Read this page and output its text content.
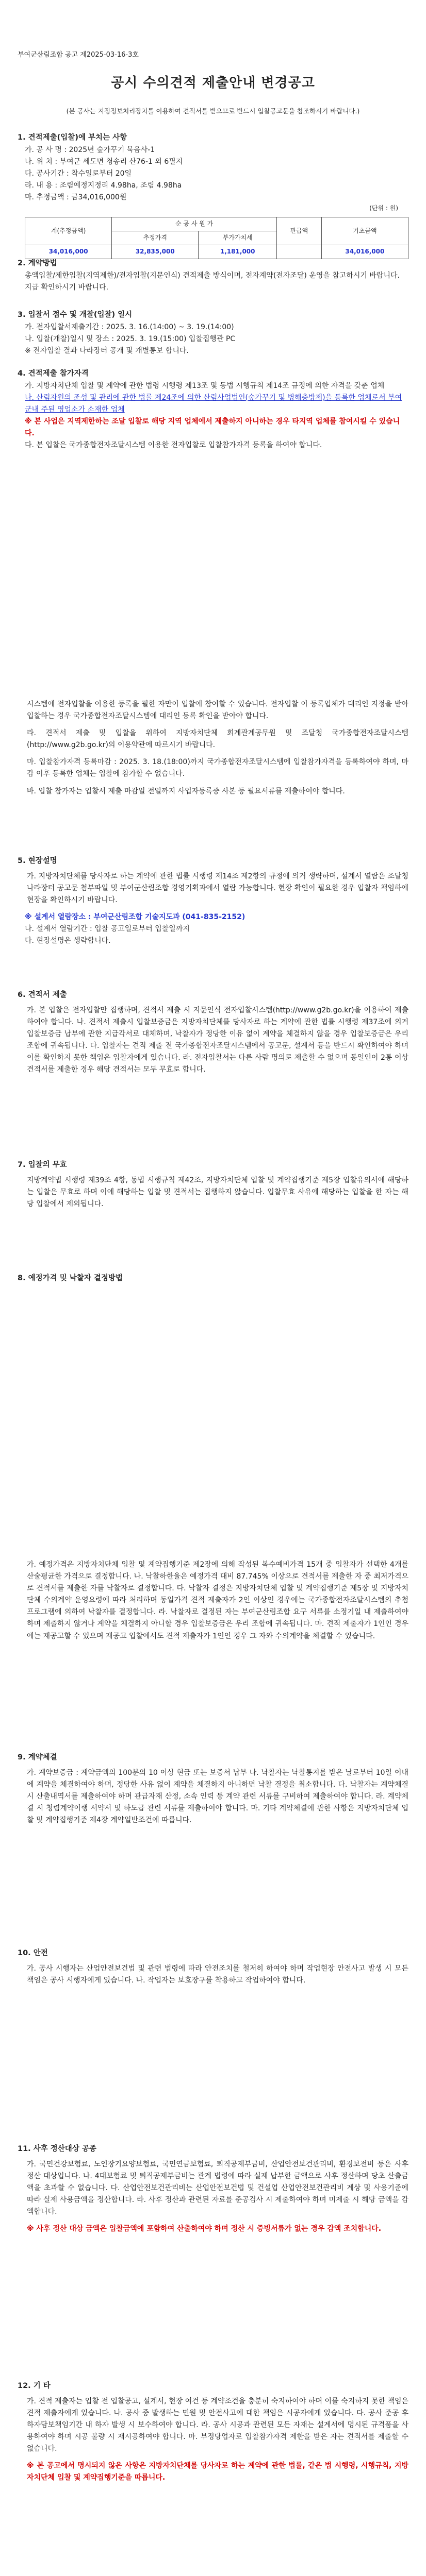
부여군산림조합 공고 제2025-03-16-3호
공시 수의견적 제출안내 변경공고
(본 공사는 지정정보처리장치를 이용하여 견적서를 받으므로 반드시 입찰공고문을 참조하시기 바랍니다.)

1. 견적제출(입찰)에 부치는 사항

가. 공 사 명 : 2025년 숲가꾸기 묵음사-1
나. 위 치 : 부여군 세도면 청송리 산76-1 외 6필지
다. 공사기간 : 착수일로부터 20일
라. 내 용 : 조림예정지정리 4.98ha, 조림 4.98ha
마. 추정금액 : 금34,016,000원
(단위 : 원)
계(추정금액)	순 공 사 원 가		관급액	기초금액
	추정가격	부가가치세		
34,016,000	32,835,000	1,181,000		34,016,000

2. 계약방법

총액입찰/제한입찰(지역제한)/전자입찰(지문인식) 견적제출 방식이며, 전자계약(전자조달) 운영을 참고하시기 바랍니다.
지급 확인하시기 바랍니다.

3. 입찰서 접수 및 개찰(입찰) 일시

가. 전자입찰서제출기간 : 2025. 3. 16.(14:00) ~ 3. 19.(14:00)
나. 입찰(개찰)일시 및 장소 : 2025. 3. 19.(15:00) 입찰집행관 PC
※ 전자입찰 결과 나라장터 공개 및 개별통보 합니다.

4. 견적제출 참가자격

가. 지방자치단체 입찰 및 계약에 관한 법령 시행령 제13조 및 동법 시행규칙 제14조 규정에 의한 자격을 갖춘 업체
나. 산림자원의 조성 및 관리에 관한 법률 제24조에 의한 산림사업법인(숲가꾸기 및 병해충방제)을 등록한 업체로서 부여군내 주된 영업소가 소재한 업체
※ 본 사업은 지역제한하는 조달 입찰로 해당 지역 업체에서 제출하지 아니하는 경우 타지역 업체를 참여시킬 수 있습니다.
다. 본 입찰은 국가종합전자조달시스템 이용한 전자입찰로 입찰참가자격 등록을 하여야 합니다.

시스템에 전자입찰을 이용한 등록을 필한 자만이 입찰에 참여할 수 있습니다. 전자입찰 이 등록업체가 대리인 지정을 받아 입찰하는 경우 국가종합전자조달시스템에 대리인 등록 확인을 받아야 합니다.

라. 견적서 제출 및 입찰을 위하여 지방자치단체 회계관계공무원 및 조달청 국가종합전자조달시스템(http://www.g2b.go.kr)의 이용약관에 따르시기 바랍니다.

마. 입찰참가자격 등록마감 : 2025. 3. 18.(18:00)까지 국가종합전자조달시스템에 입찰참가자격을 등록하여야 하며, 마감 이후 등록한 업체는 입찰에 참가할 수 없습니다.

바. 입찰 참가자는 입찰서 제출 마감일 전일까지 사업자등록증 사본 등 필요서류를 제출하여야 합니다.

5. 현장설명

가. 지방자치단체를 당사자로 하는 계약에 관한 법률 시행령 제14조 제2항의 규정에 의거 생략하며, 설계서 열람은 조달청 나라장터 공고문 첨부파일 및 부여군산림조합 경영기획과에서 열람 가능합니다. 현장 확인이 필요한 경우 입찰자 책임하에 현장을 확인하시기 바랍니다.

※ 설계서 열람장소 : 부여군산림조합 기술지도과 (041-835-2152)
나. 설계서 열람기간 : 입찰 공고일로부터 입찰일까지
다. 현장설명은 생략합니다.

6. 견적서 제출

가. 본 입찰은 전자입찰만 집행하며, 견적서 제출 시 지문인식 전자입찰시스템(http://www.g2b.go.kr)을 이용하여 제출하여야 합니다. 나. 견적서 제출시 입찰보증금은 지방자치단체를 당사자로 하는 계약에 관한 법률 시행령 제37조에 의거 입찰보증금 납부에 관한 지급각서로 대체하며, 낙찰자가 정당한 이유 없이 계약을 체결하지 않을 경우 입찰보증금은 우리 조합에 귀속됩니다. 다. 입찰자는 견적 제출 전 국가종합전자조달시스템에서 공고문, 설계서 등을 반드시 확인하여야 하며 이를 확인하지 못한 책임은 입찰자에게 있습니다. 라. 전자입찰서는 다른 사람 명의로 제출할 수 없으며 동일인이 2통 이상 견적서를 제출한 경우 해당 견적서는 모두 무효로 합니다.

7. 입찰의 무효

지방계약법 시행령 제39조 4항, 동법 시행규칙 제42조, 지방자치단체 입찰 및 계약집행기준 제5장 입찰유의서에 해당하는 입찰은 무효로 하며 이에 해당하는 입찰 및 견적서는 집행하지 않습니다. 입찰무효 사유에 해당하는 입찰을 한 자는 해당 입찰에서 제외됩니다.

8. 예정가격 및 낙찰자 결정방법

가. 예정가격은 지방자치단체 입찰 및 계약집행기준 제2장에 의해 작성된 복수예비가격 15개 중 입찰자가 선택한 4개를 산술평균한 가격으로 결정합니다. 나. 낙찰하한율은 예정가격 대비 87.745% 이상으로 견적서를 제출한 자 중 최저가격으로 견적서를 제출한 자를 낙찰자로 결정합니다. 다. 낙찰자 결정은 지방자치단체 입찰 및 계약집행기준 제5장 및 지방자치단체 수의계약 운영요령에 따라 처리하며 동일가격 견적 제출자가 2인 이상인 경우에는 국가종합전자조달시스템의 추첨 프로그램에 의하여 낙찰자를 결정합니다. 라. 낙찰자로 결정된 자는 부여군산림조합 요구 서류를 소정기일 내 제출하여야 하며 제출하지 않거나 계약을 체결하지 아니할 경우 입찰보증금은 우리 조합에 귀속됩니다. 마. 견적 제출자가 1인인 경우에는 재공고할 수 있으며 재공고 입찰에서도 견적 제출자가 1인인 경우 그 자와 수의계약을 체결할 수 있습니다.

9. 계약체결

가. 계약보증금 : 계약금액의 100분의 10 이상 현금 또는 보증서 납부 나. 낙찰자는 낙찰통지를 받은 날로부터 10일 이내에 계약을 체결하여야 하며, 정당한 사유 없이 계약을 체결하지 아니하면 낙찰 결정을 취소합니다. 다. 낙찰자는 계약체결 시 산출내역서를 제출하여야 하며 관급자재 산정, 소속 인력 등 계약 관련 서류를 구비하여 제출하여야 합니다. 라. 계약체결 시 청렴계약이행 서약서 및 하도급 관련 서류를 제출하여야 합니다. 마. 기타 계약체결에 관한 사항은 지방자치단체 입찰 및 계약집행기준 제4장 계약일반조건에 따릅니다.

10. 안전

가. 공사 시행자는 산업안전보건법 및 관련 법령에 따라 안전조치를 철저히 하여야 하며 작업현장 안전사고 발생 시 모든 책임은 공사 시행자에게 있습니다. 나. 작업자는 보호장구를 착용하고 작업하여야 합니다.

11. 사후 정산대상 공종

가. 국민건강보험료, 노인장기요양보험료, 국민연금보험료, 퇴직공제부금비, 산업안전보건관리비, 환경보전비 등은 사후 정산 대상입니다. 나. 4대보험료 및 퇴직공제부금비는 관계 법령에 따라 실제 납부한 금액으로 사후 정산하며 당초 산출금액을 초과할 수 없습니다. 다. 산업안전보건관리비는 산업안전보건법 및 건설업 산업안전보건관리비 계상 및 사용기준에 따라 실제 사용금액을 정산합니다. 라. 사후 정산과 관련된 자료를 준공검사 시 제출하여야 하며 미제출 시 해당 금액을 감액합니다.

※ 사후 정산 대상 금액은 입찰금액에 포함하여 산출하여야 하며 정산 시 증빙서류가 없는 경우 감액 조치합니다.

12. 기 타

가. 견적 제출자는 입찰 전 입찰공고, 설계서, 현장 여건 등 계약조건을 충분히 숙지하여야 하며 이를 숙지하지 못한 책임은 견적 제출자에게 있습니다. 나. 공사 중 발생하는 민원 및 안전사고에 대한 책임은 시공자에게 있습니다. 다. 공사 준공 후 하자담보책임기간 내 하자 발생 시 보수하여야 합니다. 라. 공사 시공과 관련된 모든 자재는 설계서에 명시된 규격품을 사용하여야 하며 시공 불량 시 재시공하여야 합니다. 마. 부정당업자로 입찰참가자격 제한을 받은 자는 견적서를 제출할 수 없습니다.

※ 본 공고에서 명시되지 않은 사항은 지방자치단체를 당사자로 하는 계약에 관한 법률, 같은 법 시행령, 시행규칙, 지방자치단체 입찰 및 계약집행기준을 따릅니다.
